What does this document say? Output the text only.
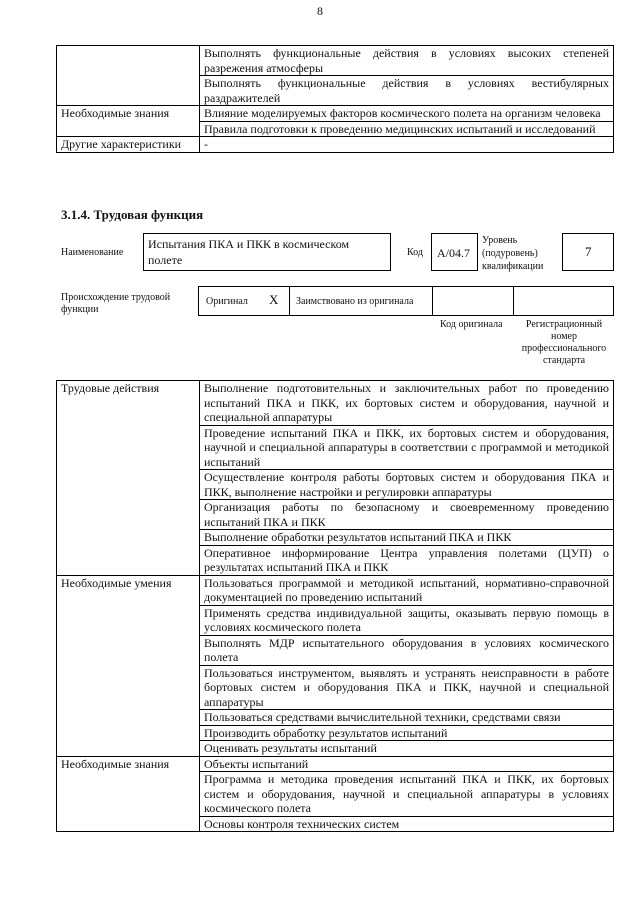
8
	Выполнять функциональные действия в условиях высоких степеней разрежения атмосферы
	Выполнять функциональные действия в условиях вестибулярных раздражителей
Необходимые знания	Влияние моделируемых факторов космического полета на организм человека
	Правила подготовки к проведению медицинских испытаний и исследований
Другие характеристики	-
3.1.4. Трудовая функция
Наименование
Испытания ПКА и ПКК в космическом полете
Код А/04.7
Уровень (подуровень) квалификации
7
Происхождение трудовой функции
Оригинал X Заимствовано из оригинала
Код оригинала	Регистрационный номер профессионального стандарта
Трудовые действия	Выполнение подготовительных и заключительных работ по проведению испытаний ПКА и ПКК, их бортовых систем и оборудования, научной и специальной аппаратуры
	Проведение испытаний ПКА и ПКК, их бортовых систем и оборудования, научной и специальной аппаратуры в соответствии с программой и методикой испытаний
	Осуществление контроля работы бортовых систем и оборудования ПКА и ПКК, выполнение настройки и регулировки аппаратуры
	Организация работы по безопасному и своевременному проведению испытаний ПКА и ПКК
	Выполнение обработки результатов испытаний ПКА и ПКК
	Оперативное информирование Центра управления полетами (ЦУП) о результатах испытаний ПКА и ПКК
Необходимые умения	Пользоваться программой и методикой испытаний, нормативно-справочной документацией по проведению испытаний
	Применять средства индивидуальной защиты, оказывать первую помощь в условиях космического полета
	Выполнять МДР испытательного оборудования в условиях космического полета
	Пользоваться инструментом, выявлять и устранять неисправности в работе бортовых систем и оборудования ПКА и ПКК, научной и специальной аппаратуры
	Пользоваться средствами вычислительной техники, средствами связи
	Производить обработку результатов испытаний
	Оценивать результаты испытаний
Необходимые знания	Объекты испытаний
	Программа и методика проведения испытаний ПКА и ПКК, их бортовых систем и оборудования, научной и специальной аппаратуры в условиях космического полета
	Основы контроля технических систем
